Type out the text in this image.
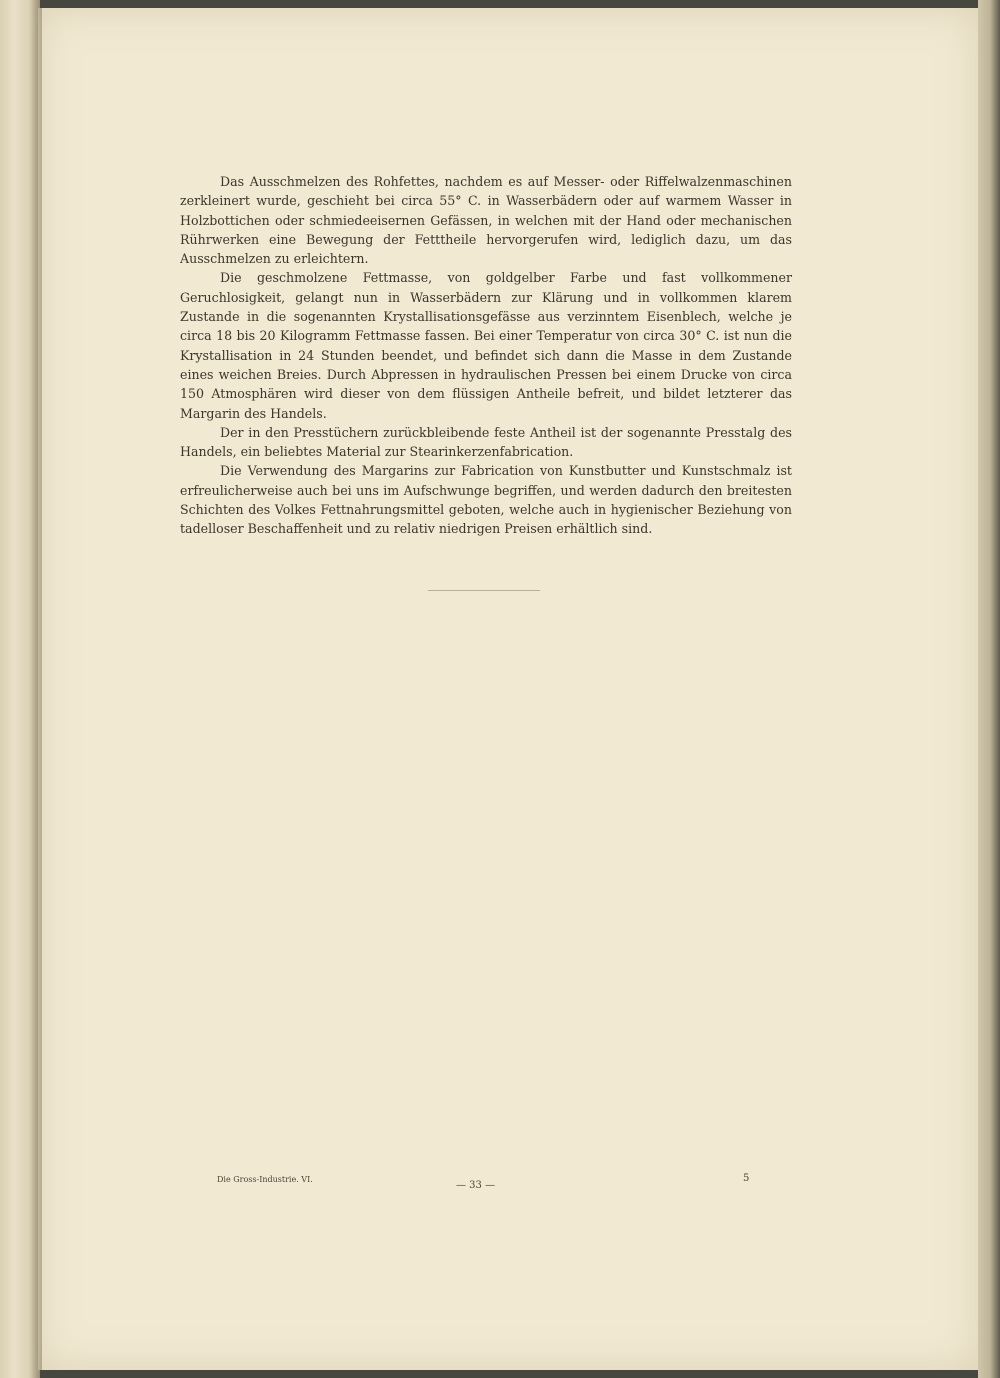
Das Ausschmelzen des Rohfettes, nachdem es auf Messer- oder Riffelwalzenmaschinen zerkleinert wurde, geschieht bei circa 55° C. in Wasserbädern oder auf warmem Wasser in Holzbottichen oder schmiedeeisernen Gefässen, in welchen mit der Hand oder mechanischen Rührwerken eine Bewegung der Fetttheile hervorgerufen wird, lediglich dazu, um das Ausschmelzen zu erleichtern.

Die geschmolzene Fettmasse, von goldgelber Farbe und fast vollkommener Geruchlosigkeit, gelangt nun in Wasserbädern zur Klärung und in vollkommen klarem Zustande in die sogenannten Krystallisationsgefässe aus verzinntem Eisenblech, welche je circa 18 bis 20 Kilogramm Fettmasse fassen. Bei einer Temperatur von circa 30° C. ist nun die Krystallisation in 24 Stunden beendet, und befindet sich dann die Masse in dem Zustande eines weichen Breies. Durch Abpressen in hydraulischen Pressen bei einem Drucke von circa 150 Atmosphären wird dieser von dem flüssigen Antheile befreit, und bildet letzterer das Margarin des Handels.

Der in den Presstüchern zurückbleibende feste Antheil ist der sogenannte Presstalg des Handels, ein beliebtes Material zur Stearinkerzenfabrication.

Die Verwendung des Margarins zur Fabrication von Kunstbutter und Kunstschmalz ist erfreulicherweise auch bei uns im Aufschwunge begriffen, und werden dadurch den breitesten Schichten des Volkes Fettnahrungsmittel geboten, welche auch in hygienischer Beziehung von tadelloser Beschaffenheit und zu relativ niedrigen Preisen erhältlich sind.

Die Gross-Industrie. VI.
— 33 —
5
